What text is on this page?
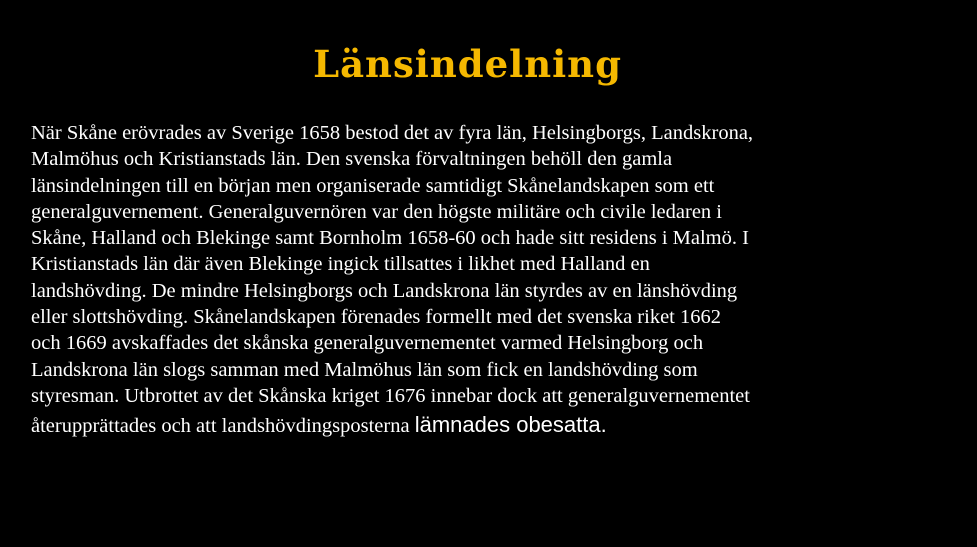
Länsindelning
När Skåne erövrades av Sverige 1658 bestod det av fyra län, Helsingborgs, Landskrona,
Malmöhus och Kristianstads län. Den svenska förvaltningen behöll den gamla
länsindelningen till en början men organiserade samtidigt Skånelandskapen som ett
generalguvernement. Generalguvernören var den högste militäre och civile ledaren i
Skåne, Halland och Blekinge samt Bornholm 1658-60 och hade sitt residens i Malmö. I
Kristianstads län där även Blekinge ingick tillsattes i likhet med Halland en
landshövding. De mindre Helsingborgs och Landskrona län styrdes av en länshövding
eller slottshövding. Skånelandskapen förenades formellt med det svenska riket 1662
och 1669 avskaffades det skånska generalguvernementet varmed Helsingborg och
Landskrona län slogs samman med Malmöhus län som fick en landshövding som
styresman. Utbrottet av det Skånska kriget 1676 innebar dock att generalguvernementet
återupprättades och att landshövdingsposterna lämnades obesatta.
